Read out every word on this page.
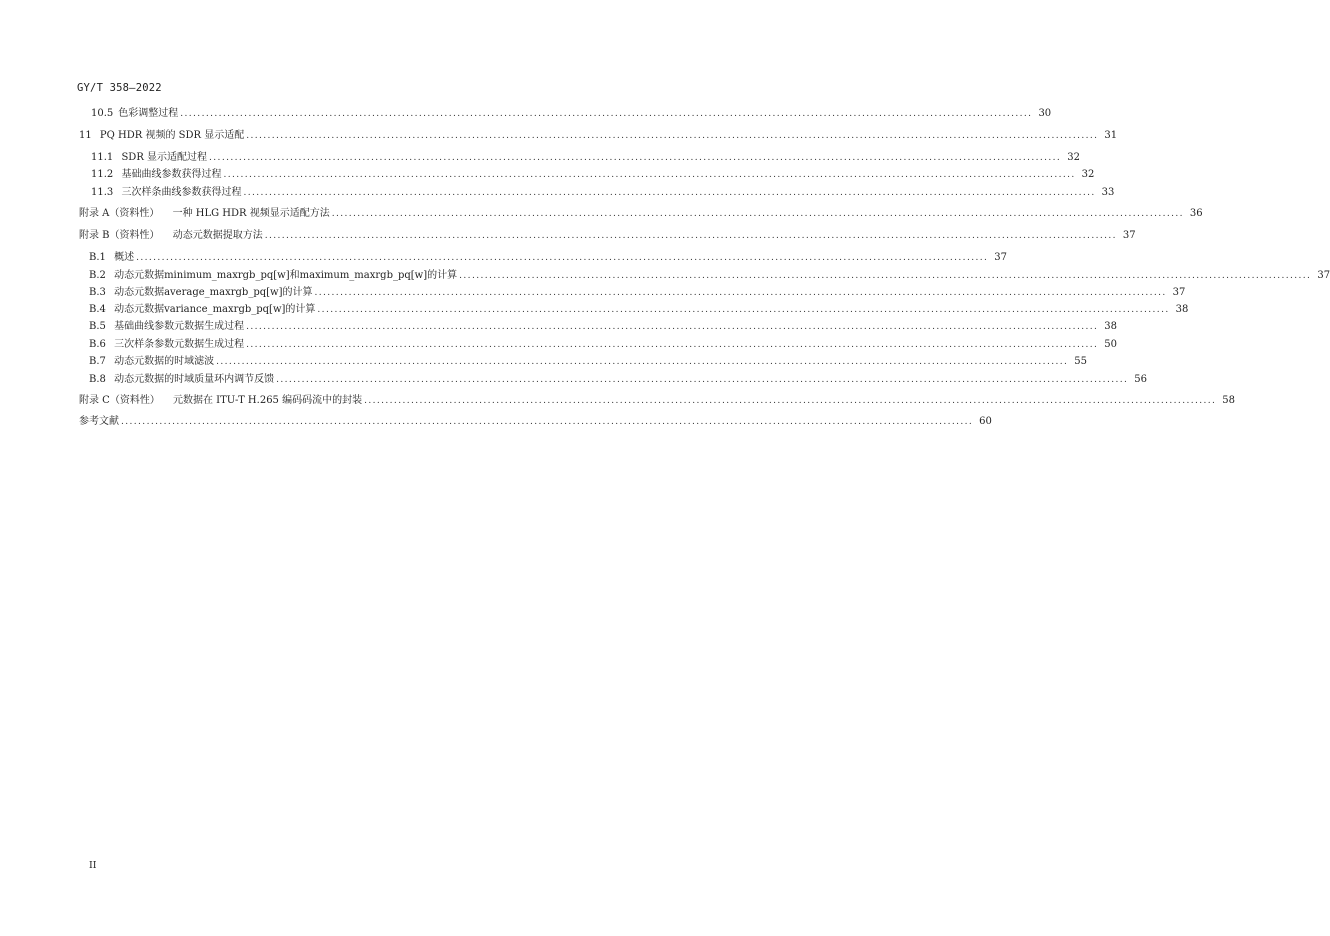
GY/T 358—2022
10.5 色彩调整过程 ........................................................................................................................................................................................................ 30
11  PQ HDR 视频的 SDR 显示适配 ........................................................................................................................................................................................................ 31
11.1  SDR 显示适配过程 ........................................................................................................................................................................................................ 32
11.2  基础曲线参数获得过程 ........................................................................................................................................................................................................ 32
11.3  三次样条曲线参数获得过程 ........................................................................................................................................................................................................ 33
附录 A（资料性）  一种 HLG HDR 视频显示适配方法 ........................................................................................................................................................................................................ 36
附录 B（资料性）  动态元数据提取方法 ........................................................................................................................................................................................................ 37
B.1  概述 ........................................................................................................................................................................................................ 37
B.2  动态元数据minimum_maxrgb_pq[w]和maximum_maxrgb_pq[w]的计算 ........................................................................................................................................................................................................ 37
B.3  动态元数据average_maxrgb_pq[w]的计算 ........................................................................................................................................................................................................ 37
B.4  动态元数据variance_maxrgb_pq[w]的计算 ........................................................................................................................................................................................................ 38
B.5  基础曲线参数元数据生成过程 ........................................................................................................................................................................................................ 38
B.6  三次样条参数元数据生成过程 ........................................................................................................................................................................................................ 50
B.7  动态元数据的时域滤波 ........................................................................................................................................................................................................ 55
B.8  动态元数据的时域质量环内调节反馈 ........................................................................................................................................................................................................ 56
附录 C（资料性）  元数据在 ITU-T H.265 编码码流中的封装 ........................................................................................................................................................................................................ 58
参考文献 ........................................................................................................................................................................................................ 60
II
